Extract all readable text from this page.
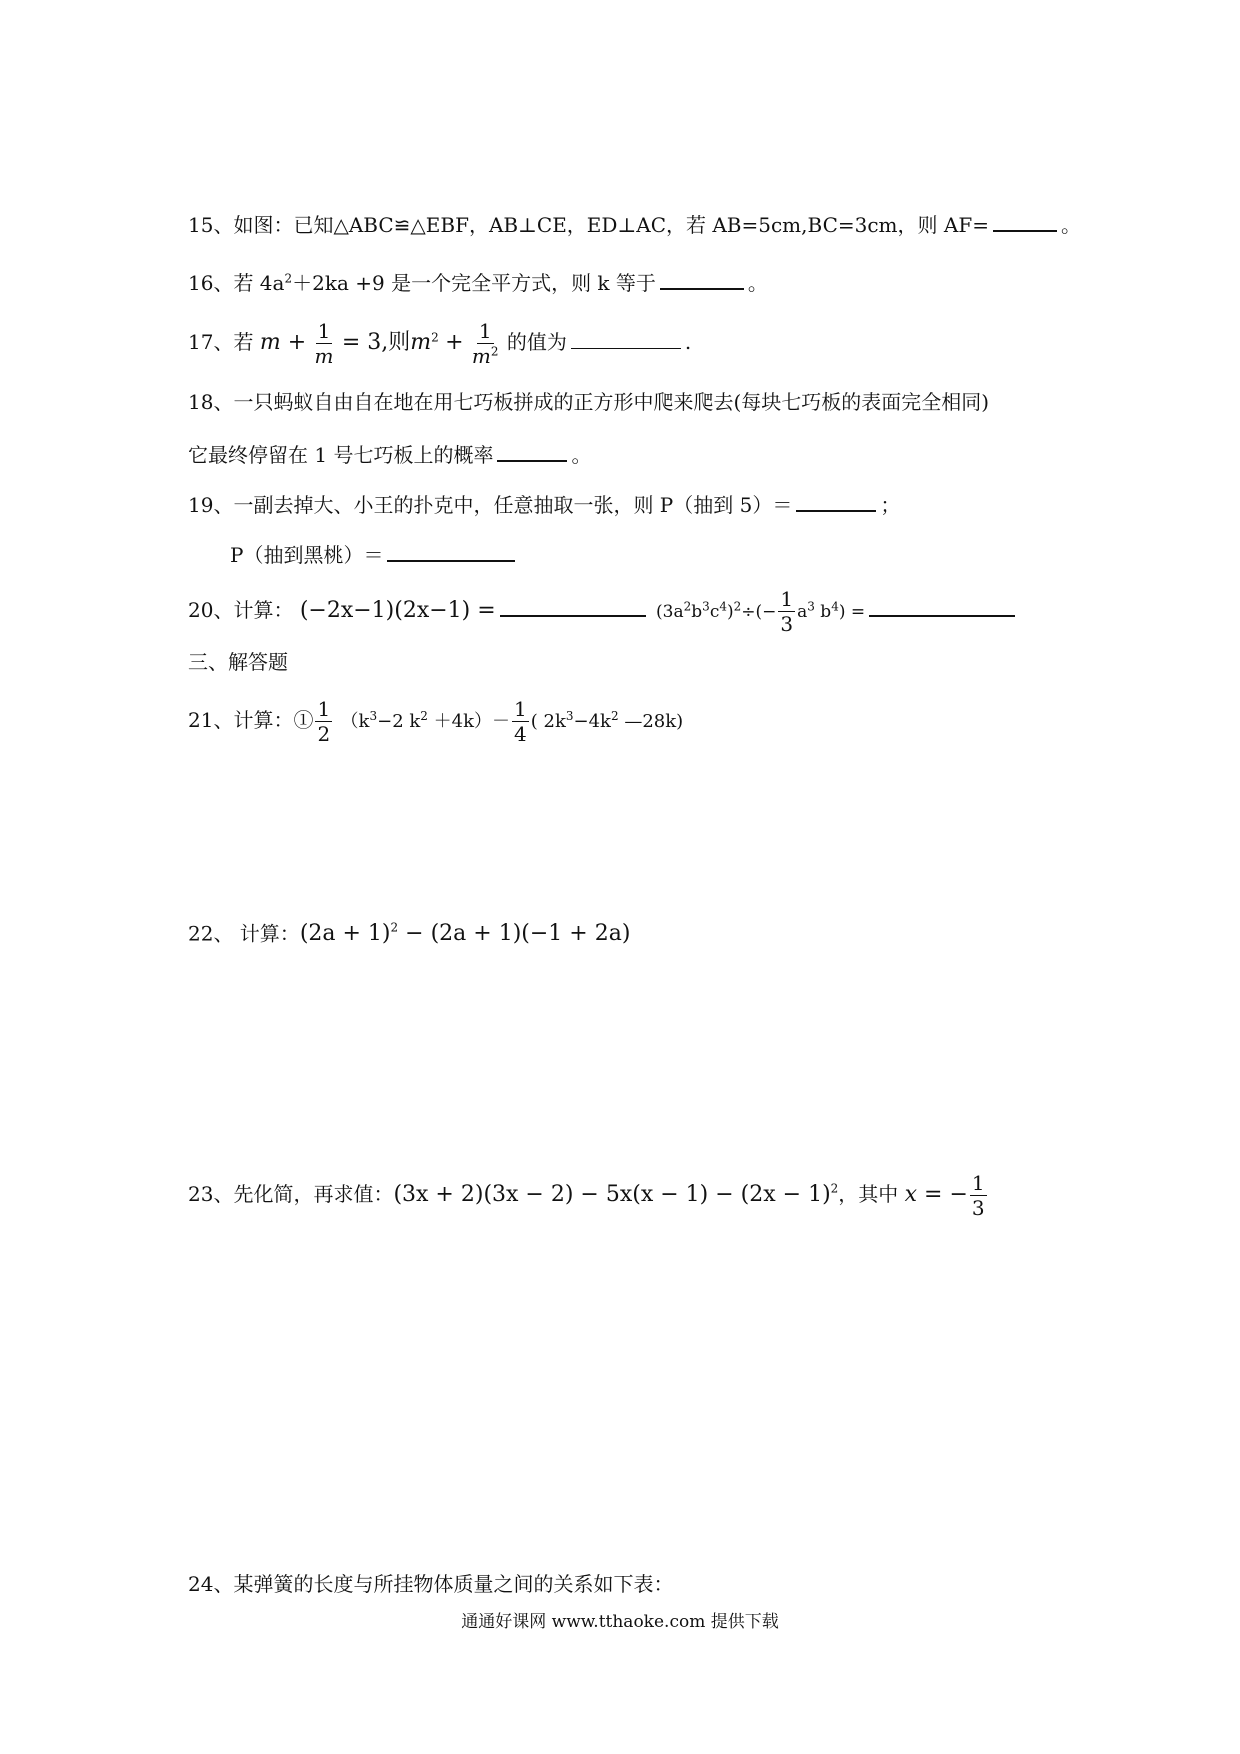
15、如图：已知△ABC≌△EBF，AB⊥CE，ED⊥AC，若 AB=5cm,BC=3cm，则 AF=	。
16、若 $4a^2+2ka +9$ 是一个完全平方式，则 k 等于	。
17、若 $m + \frac{1}{m} = 3$,则$m^2 + \frac{1}{m^2}$ 的值为	.
18、一只蚂蚁自由自在地在用七巧板拼成的正方形中爬来爬去(每块七巧板的表面完全相同)
它最终停留在 1 号七巧板上的概率	。
19、一副去掉大、小王的扑克中，任意抽取一张，则 P（抽到 5）＝	；
P（抽到黑桃）＝
20、计算： (−2x−1)(2x−1) =	$(3a^2b^3c^4)^2\div(- \frac{1}{3} a^3$ $b^4$) =
三、解答题
21、计算：① $\frac{1}{2} (k^3-2$ $k^2 +4k)- \frac{1}{4}$ ( $2k^3-4k^2$ —28k)
22、 计算：$(2a + 1)^2 - (2a + 1)(-1 + 2a)$
23、先化简，再求值：$(3x + 2)(3x - 2) - 5x(x - 1) - (2x - 1)^2$，其中 x = − $\frac{1}{3}$
24、某弹簧的长度与所挂物体质量之间的关系如下表：
通通好课网 www.tthaoke.com 提供下载
